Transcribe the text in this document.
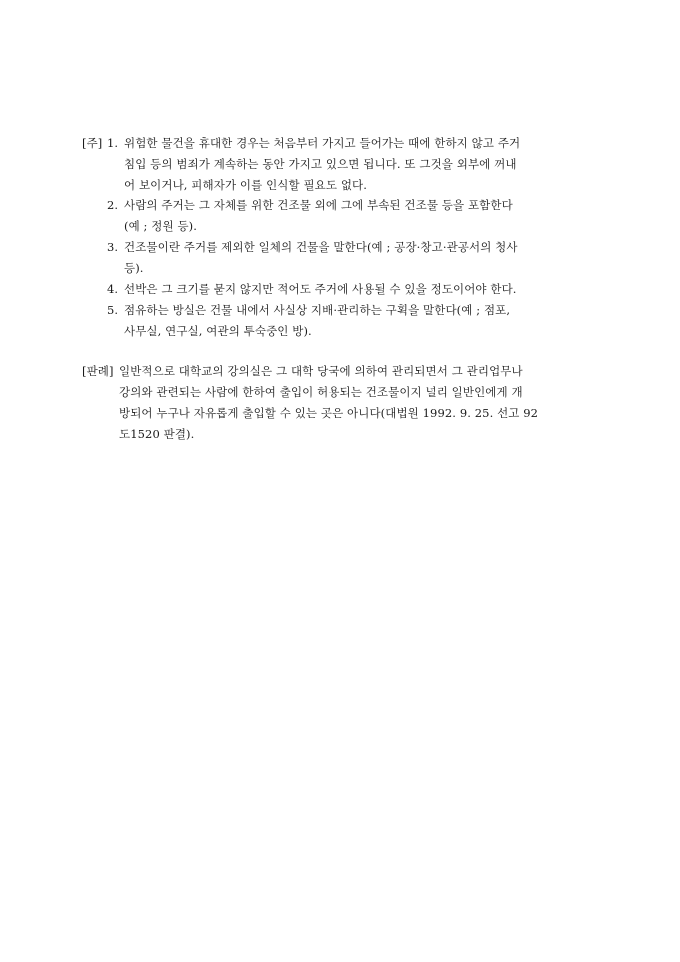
[주] 1. 위험한 물건을 휴대한 경우는 처음부터 가지고 들어가는 때에 한하지 않고 주거
침입 등의 범죄가 계속하는 동안 가지고 있으면 됩니다. 또 그것을 외부에 꺼내
어 보이거나, 피해자가 이를 인식할 필요도 없다.
2. 사람의 주거는 그 자체를 위한 건조물 외에 그에 부속된 건조물 등을 포함한다
(예 ; 정원 등).
3. 건조물이란 주거를 제외한 일체의 건물을 말한다(예 ; 공장·창고·관공서의 청사
등).
4. 선박은 그 크기를 묻지 않지만 적어도 주거에 사용될 수 있을 정도이어야 한다.
5. 점유하는 방실은 건물 내에서 사실상 지배·관리하는 구획을 말한다(예 ; 점포,
사무실, 연구실, 여관의 투숙중인 방).
[판례] 일반적으로 대학교의 강의실은 그 대학 당국에 의하여 관리되면서 그 관리업무나
강의와 관련되는 사람에 한하여 출입이 허용되는 건조물이지 널리 일반인에게 개
방되어 누구나 자유롭게 출입할 수 있는 곳은 아니다(대법원 1992. 9. 25. 선고 92
도1520 판결).
